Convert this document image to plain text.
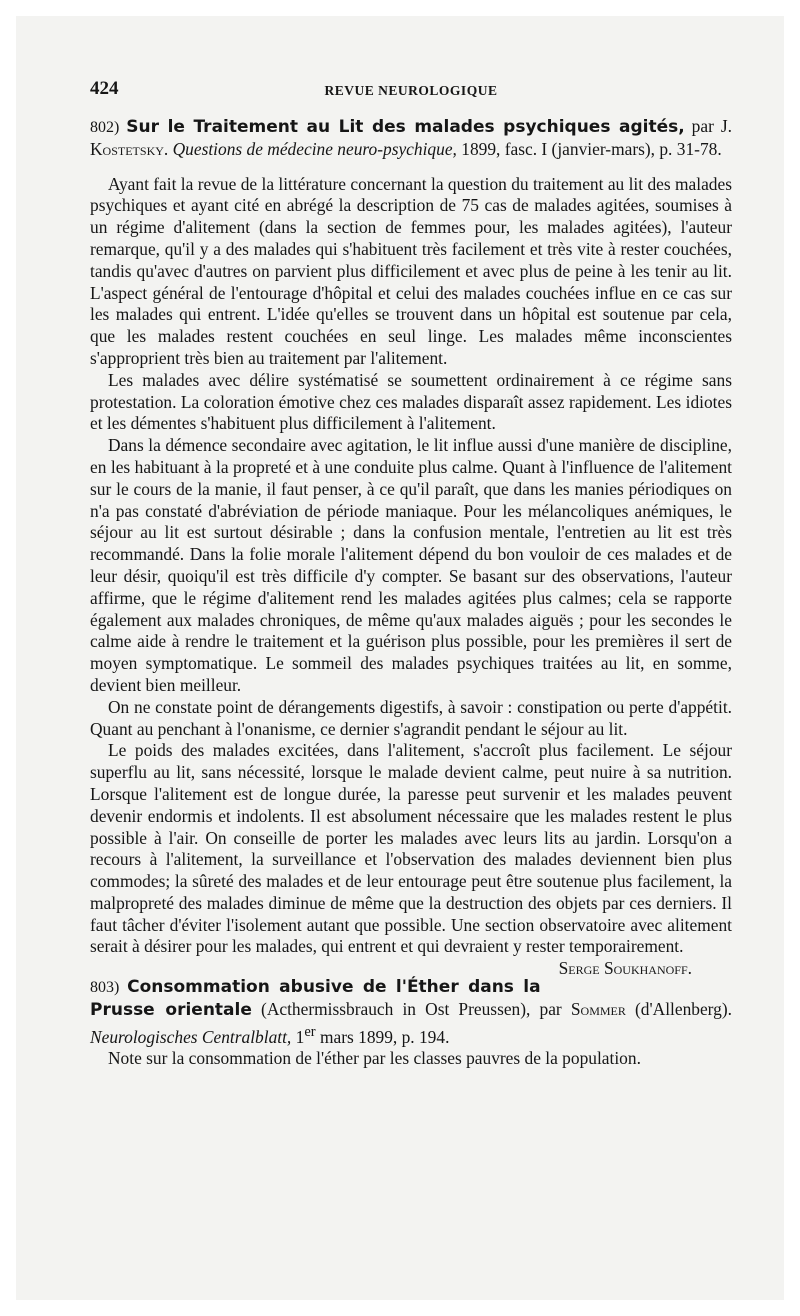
424	REVUE NEUROLOGIQUE

802) Sur le Traitement au Lit des malades psychiques agités, par J. Kostetsky. Questions de médecine neuro-psychique, 1899, fasc. I (janvier-mars), p. 31-78.

Ayant fait la revue de la littérature concernant la question du traitement au lit des malades psychiques et ayant cité en abrégé la description de 75 cas de malades agitées, soumises à un régime d'alitement (dans la section de femmes pour, les malades agitées), l'auteur remarque, qu'il y a des malades qui s'habituent très facilement et très vite à rester couchées, tandis qu'avec d'autres on parvient plus difficilement et avec plus de peine à les tenir au lit. L'aspect général de l'entourage d'hôpital et celui des malades couchées influe en ce cas sur les malades qui entrent. L'idée qu'elles se trouvent dans un hôpital est soutenue par cela, que les malades restent couchées en seul linge. Les malades même inconscientes s'approprient très bien au traitement par l'alitement.

Les malades avec délire systématisé se soumettent ordinairement à ce régime sans protestation. La coloration émotive chez ces malades disparaît assez rapidement. Les idiotes et les démentes s'habituent plus difficilement à l'alitement.

Dans la démence secondaire avec agitation, le lit influe aussi d'une manière de discipline, en les habituant à la propreté et à une conduite plus calme. Quant à l'influence de l'alitement sur le cours de la manie, il faut penser, à ce qu'il paraît, que dans les manies périodiques on n'a pas constaté d'abréviation de période maniaque. Pour les mélancoliques anémiques, le séjour au lit est surtout désirable ; dans la confusion mentale, l'entretien au lit est très recommandé. Dans la folie morale l'alitement dépend du bon vouloir de ces malades et de leur désir, quoiqu'il est très difficile d'y compter. Se basant sur des observations, l'auteur affirme, que le régime d'alitement rend les malades agitées plus calmes; cela se rapporte également aux malades chroniques, de même qu'aux malades aiguës ; pour les secondes le calme aide à rendre le traitement et la guérison plus possible, pour les premières il sert de moyen symptomatique. Le sommeil des malades psychiques traitées au lit, en somme, devient bien meilleur.

On ne constate point de dérangements digestifs, à savoir : constipation ou perte d'appétit. Quant au penchant à l'onanisme, ce dernier s'agrandit pendant le séjour au lit.

Le poids des malades excitées, dans l'alitement, s'accroît plus facilement. Le séjour superflu au lit, sans nécessité, lorsque le malade devient calme, peut nuire à sa nutrition. Lorsque l'alitement est de longue durée, la paresse peut survenir et les malades peuvent devenir endormis et indolents. Il est absolument nécessaire que les malades restent le plus possible à l'air. On conseille de porter les malades avec leurs lits au jardin. Lorsqu'on a recours à l'alitement, la surveillance et l'observation des malades deviennent bien plus commodes; la sûreté des malades et de leur entourage peut être soutenue plus facilement, la malpropreté des malades diminue de même que la destruction des objets par ces derniers. Il faut tâcher d'éviter l'isolement autant que possible. Une section observatoire avec alitement serait à désirer pour les malades, qui entrent et qui devraient y rester temporairement.
Serge Soukhanoff.

803) Consommation abusive de l'Éther dans la Prusse orientale (Acthermissbrauch in Ost Preussen), par Sommer (d'Allenberg). Neurologisches Centralblatt, 1er mars 1899, p. 194.

Note sur la consommation de l'éther par les classes pauvres de la population.
